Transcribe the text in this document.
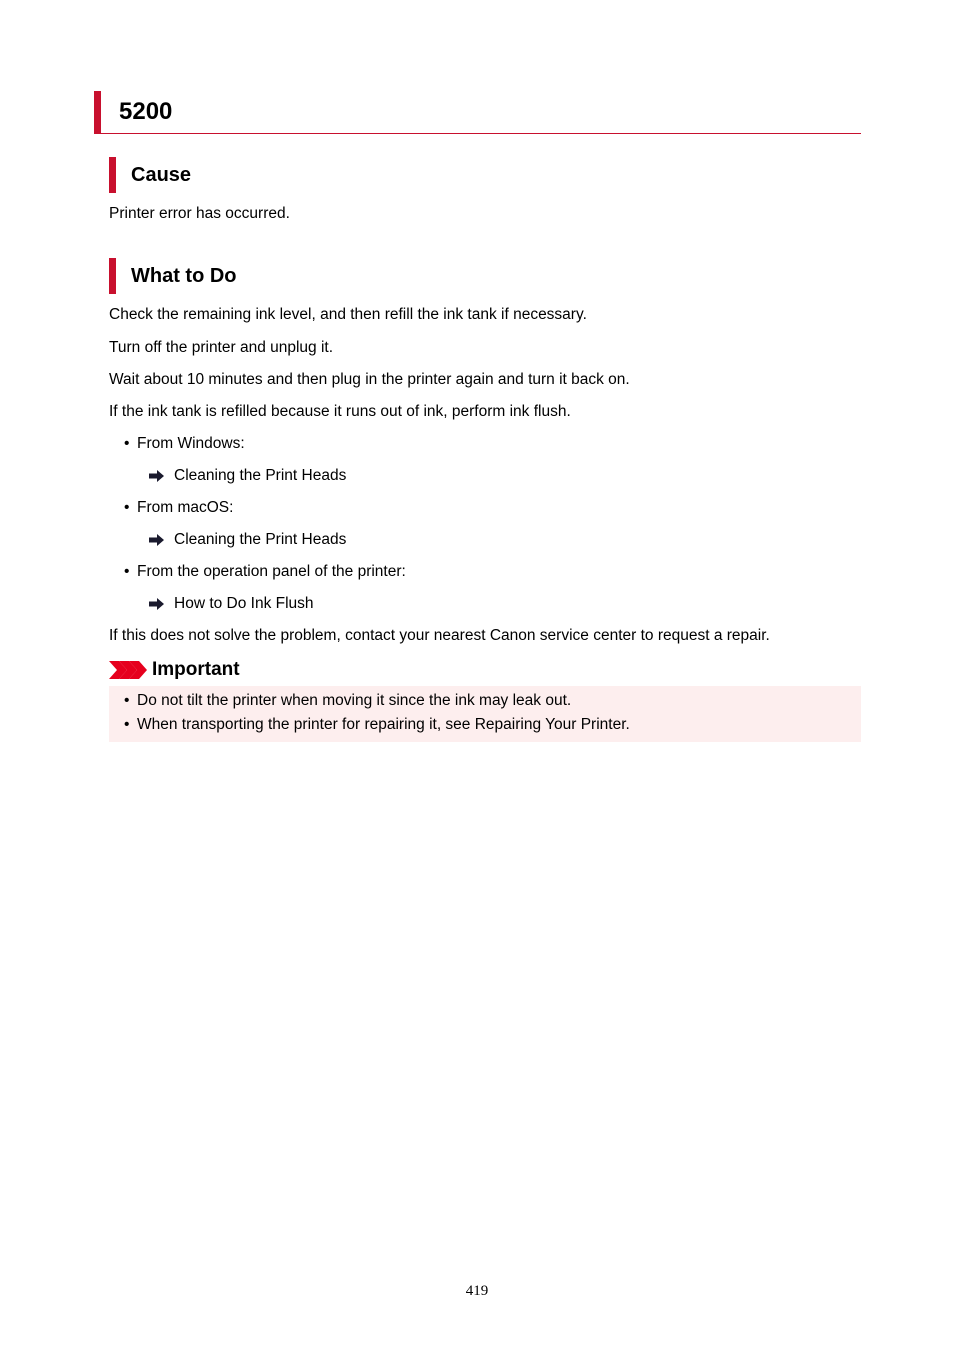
5200
Cause
Printer error has occurred.
What to Do
Check the remaining ink level, and then refill the ink tank if necessary.
Turn off the printer and unplug it.
Wait about 10 minutes and then plug in the printer again and turn it back on.
If the ink tank is refilled because it runs out of ink, perform ink flush.
• From Windows:
Cleaning the Print Heads
• From macOS:
Cleaning the Print Heads
• From the operation panel of the printer:
How to Do Ink Flush
If this does not solve the problem, contact your nearest Canon service center to request a repair.
Important
• Do not tilt the printer when moving it since the ink may leak out.
• When transporting the printer for repairing it, see Repairing Your Printer.
419
